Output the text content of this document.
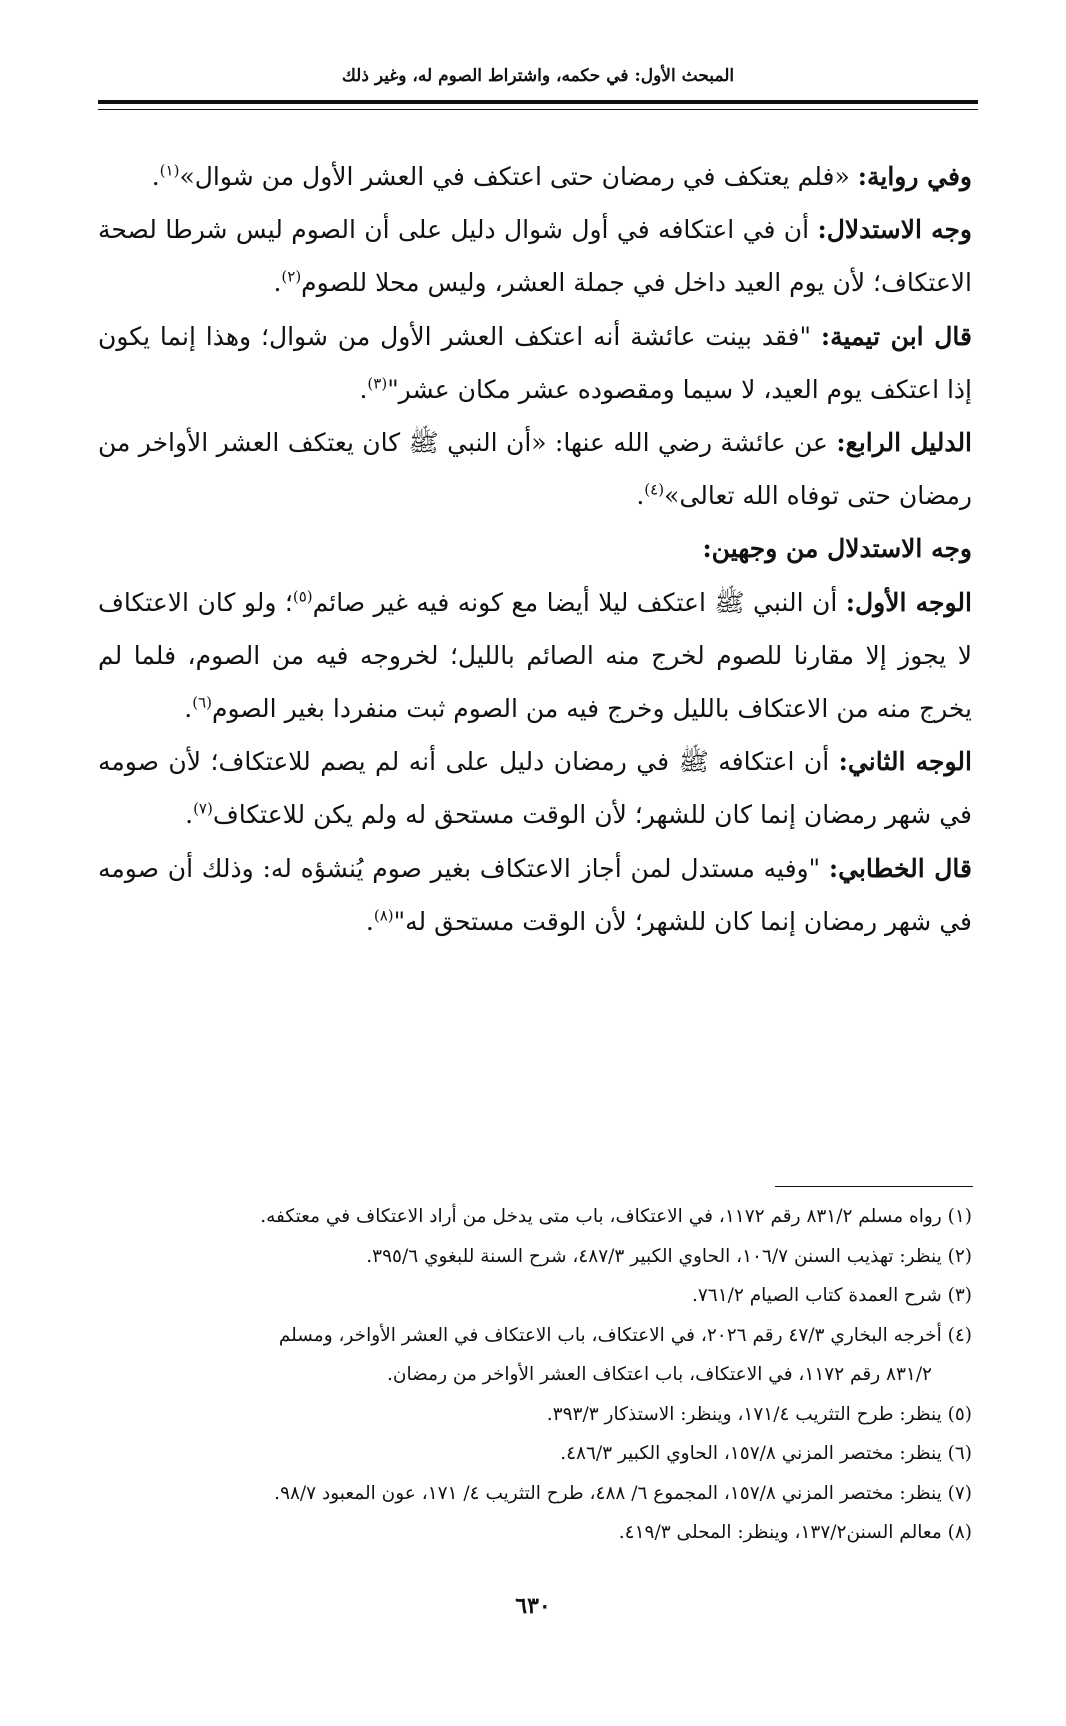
المبحث الأول: في حكمه، واشتراط الصوم له، وغير ذلك

وفي رواية: «فلم يعتكف في رمضان حتى اعتكف في العشر الأول من شوال»$^{(١)}$.

وجه الاستدلال: أن في اعتكافه في أول شوال دليل على أن الصوم ليس شرطا لصحة الاعتكاف؛ لأن يوم العيد داخل في جملة العشر، وليس محلا للصوم$^{(٢)}$.

قال ابن تيمية: "فقد بينت عائشة أنه اعتكف العشر الأول من شوال؛ وهذا إنما يكون إذا اعتكف يوم العيد، لا سيما ومقصوده عشر مكان عشر"$^{(٣)}$.

الدليل الرابع: عن عائشة رضي الله عنها: «أن النبي ﷺ كان يعتكف العشر الأواخر من رمضان حتى توفاه الله تعالى»$^{(٤)}$.

وجه الاستدلال من وجهين:

الوجه الأول: أن النبي ﷺ اعتكف ليلا أيضا مع كونه فيه غير صائم$^{(٥)}$؛ ولو كان الاعتكاف لا يجوز إلا مقارنا للصوم لخرج منه الصائم بالليل؛ لخروجه فيه من الصوم، فلما لم يخرج منه من الاعتكاف بالليل وخرج فيه من الصوم ثبت منفردا بغير الصوم$^{(٦)}$.

الوجه الثاني: أن اعتكافه ﷺ في رمضان دليل على أنه لم يصم للاعتكاف؛ لأن صومه في شهر رمضان إنما كان للشهر؛ لأن الوقت مستحق له ولم يكن للاعتكاف$^{(٧)}$.

قال الخطابي: "وفيه مستدل لمن أجاز الاعتكاف بغير صوم يُنشؤه له: وذلك أن صومه في شهر رمضان إنما كان للشهر؛ لأن الوقت مستحق له"$^{(٨)}$.

(١) رواه مسلم ٨٣١/٢ رقم ١١٧٢، في الاعتكاف، باب متى يدخل من أراد الاعتكاف في معتكفه.

(٢) ينظر: تهذيب السنن ١٠٦/٧، الحاوي الكبير ٤٨٧/٣، شرح السنة للبغوي ٣٩٥/٦.

(٣) شرح العمدة كتاب الصيام ٧٦١/٢.

(٤) أخرجه البخاري ٤٧/٣ رقم ٢٠٢٦، في الاعتكاف، باب الاعتكاف في العشر الأواخر، ومسلم

٨٣١/٢ رقم ١١٧٢، في الاعتكاف، باب اعتكاف العشر الأواخر من رمضان.

(٥) ينظر: طرح التثريب ١٧١/٤، وينظر: الاستذكار ٣٩٣/٣.

(٦) ينظر: مختصر المزني ١٥٧/٨، الحاوي الكبير ٤٨٦/٣.

(٧) ينظر: مختصر المزني ١٥٧/٨، المجموع ٦/ ٤٨٨، طرح التثريب ٤/ ١٧١، عون المعبود ٩٨/٧.

(٨) معالم السنن١٣٧/٢، وينظر: المحلى ٤١٩/٣.

٦٣٠
